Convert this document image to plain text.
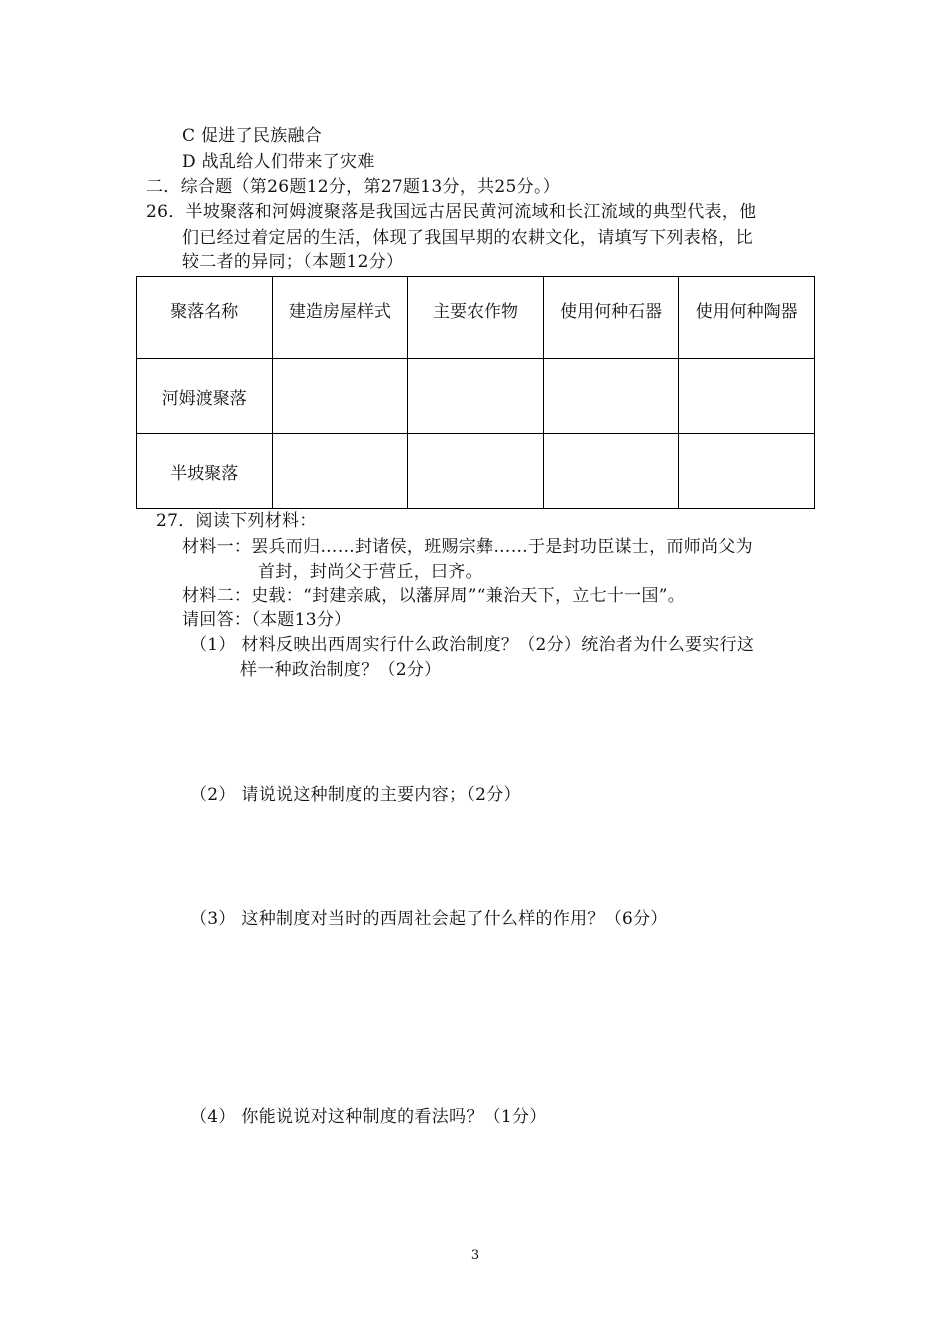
C 促进了民族融合
D 战乱给人们带来了灾难
二．综合题（第26题12分，第27题13分，共25分。）
26．半坡聚落和河姆渡聚落是我国远古居民黄河流域和长江流域的典型代表，他
们已经过着定居的生活，体现了我国早期的农耕文化，请填写下列表格，比
较二者的异同；（本题12分）
聚落名称	建造房屋样式	主要农作物	使用何种石器	使用何种陶器
河姆渡聚落				
半坡聚落				
27．阅读下列材料：
材料一：罢兵而归……封诸侯，班赐宗彝……于是封功臣谋士，而师尚父为
首封，封尚父于营丘，曰齐。
材料二：史载：“封建亲戚，以藩屏周”“兼治天下，立七十一国”。
请回答：（本题13分）
（1） 材料反映出西周实行什么政治制度？（2分）统治者为什么要实行这
样一种政治制度？（2分）
（2） 请说说这种制度的主要内容；（2分）
（3） 这种制度对当时的西周社会起了什么样的作用？（6分）
（4） 你能说说对这种制度的看法吗？（1分）
3
